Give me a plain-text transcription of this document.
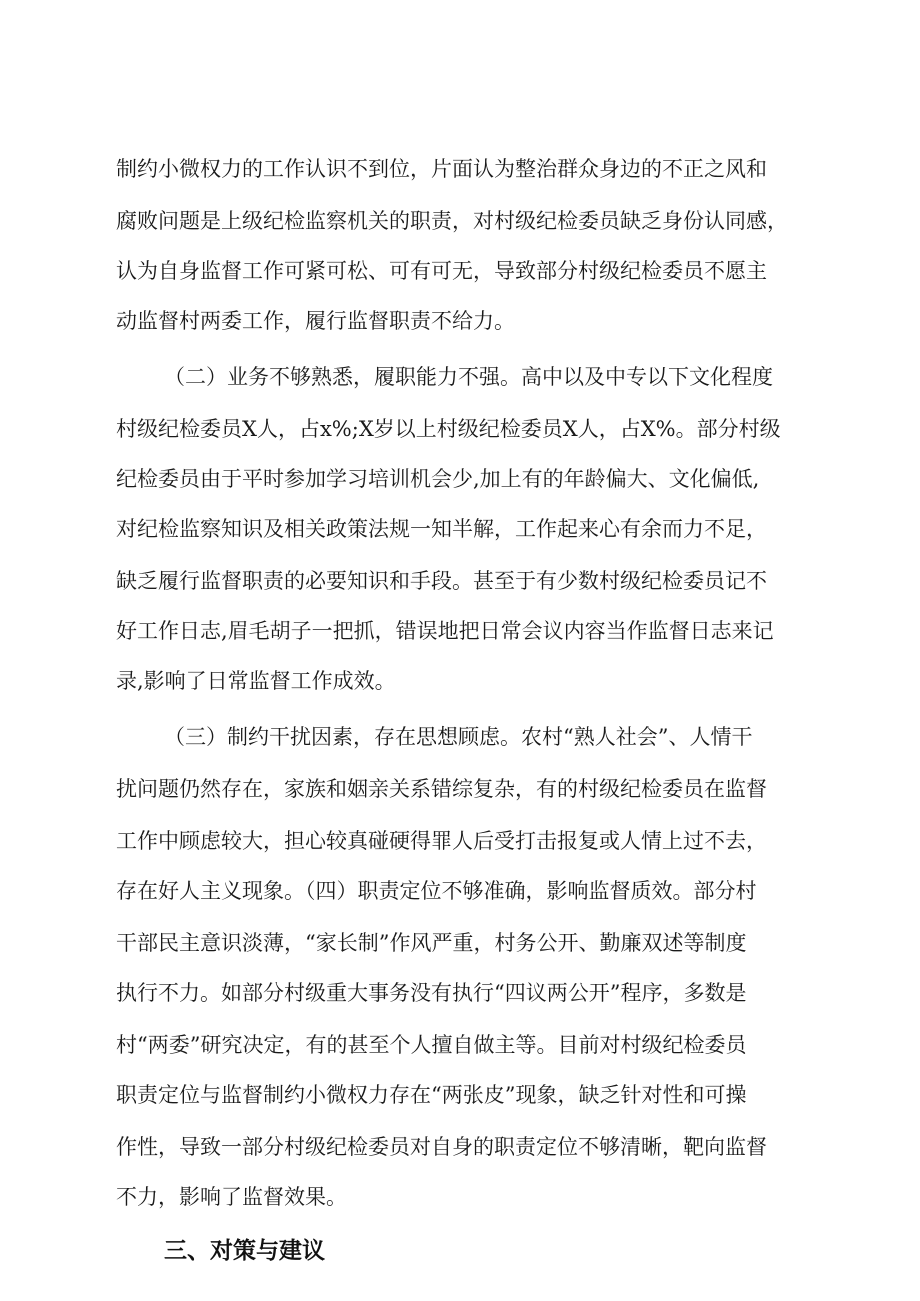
制约小微权力的工作认识不到位，片面认为整治群众身边的不正之风和
腐败问题是上级纪检监察机关的职责，对村级纪检委员缺乏身份认同感，
认为自身监督工作可紧可松、可有可无，导致部分村级纪检委员不愿主
动监督村两委工作，履行监督职责不给力。
（二）业务不够熟悉，履职能力不强。高中以及中专以下文化程度
村级纪检委员X人，占x%;X岁以上村级纪检委员X人，占X%。部分村级
纪检委员由于平时参加学习培训机会少,加上有的年龄偏大、文化偏低,
对纪检监察知识及相关政策法规一知半解，工作起来心有余而力不足，
缺乏履行监督职责的必要知识和手段。甚至于有少数村级纪检委员记不
好工作日志,眉毛胡子一把抓，错误地把日常会议内容当作监督日志来记
录,影响了日常监督工作成效。
（三）制约干扰因素，存在思想顾虑。农村“熟人社会”、人情干
扰问题仍然存在，家族和姻亲关系错综复杂，有的村级纪检委员在监督
工作中顾虑较大，担心较真碰硬得罪人后受打击报复或人情上过不去，
存在好人主义现象。（四）职责定位不够准确，影响监督质效。部分村
干部民主意识淡薄，“家长制”作风严重，村务公开、勤廉双述等制度
执行不力。如部分村级重大事务没有执行“四议两公开”程序，多数是
村“两委”研究决定，有的甚至个人擅自做主等。目前对村级纪检委员
职责定位与监督制约小微权力存在“两张皮”现象，缺乏针对性和可操
作性，导致一部分村级纪检委员对自身的职责定位不够清晰，靶向监督
不力，影响了监督效果。
三、对策与建议
